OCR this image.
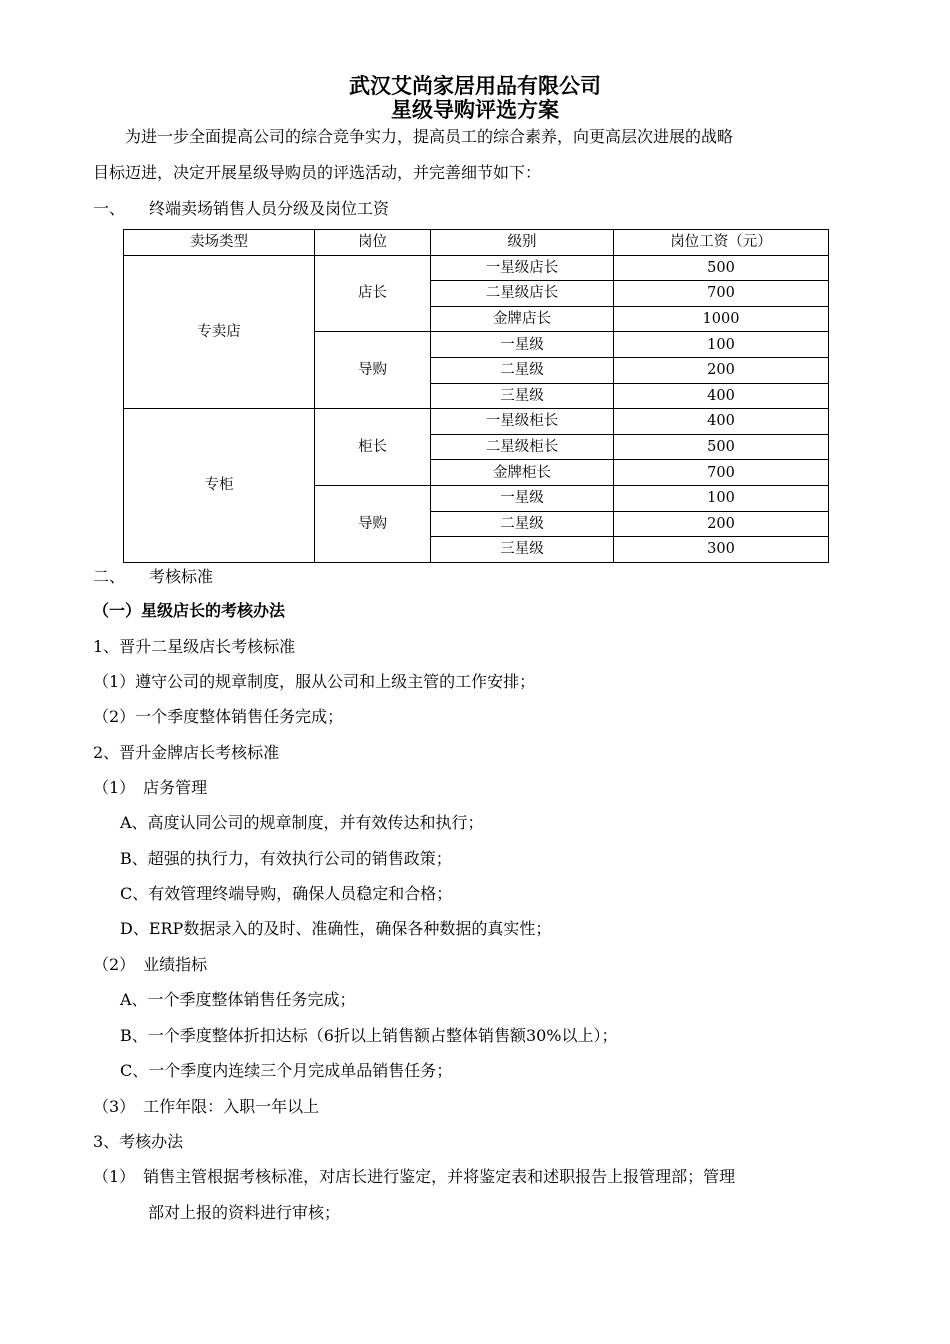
武汉艾尚家居用品有限公司
星级导购评选方案
为进一步全面提高公司的综合竞争实力，提高员工的综合素养，向更高层次进展的战略
目标迈进，决定开展星级导购员的评选活动，并完善细节如下：
一、　　终端卖场销售人员分级及岗位工资
卖场类型	岗位	级别	岗位工资（元）
专卖店	店长	一星级店长	500
		二星级店长	700
		金牌店长	1000
	导购	一星级	100
		二星级	200
		三星级	400
专柜	柜长	一星级柜长	400
		二星级柜长	500
		金牌柜长	700
	导购	一星级	100
		二星级	200
		三星级	300
二、　　考核标准
（一）星级店长的考核办法
1、晋升二星级店长考核标准
（1）遵守公司的规章制度，服从公司和上级主管的工作安排；
（2）一个季度整体销售任务完成；
2、晋升金牌店长考核标准
（1）　店务管理
A、高度认同公司的规章制度，并有效传达和执行；
B、超强的执行力，有效执行公司的销售政策；
C、有效管理终端导购，确保人员稳定和合格；
D、ERP数据录入的及时、准确性，确保各种数据的真实性；
（2）　业绩指标
A、一个季度整体销售任务完成；
B、一个季度整体折扣达标（6折以上销售额占整体销售额30%以上）；
C、一个季度内连续三个月完成单品销售任务；
（3）　工作年限：入职一年以上
3、考核办法
（1）　销售主管根据考核标准，对店长进行鉴定，并将鉴定表和述职报告上报管理部；管理
部对上报的资料进行审核；
